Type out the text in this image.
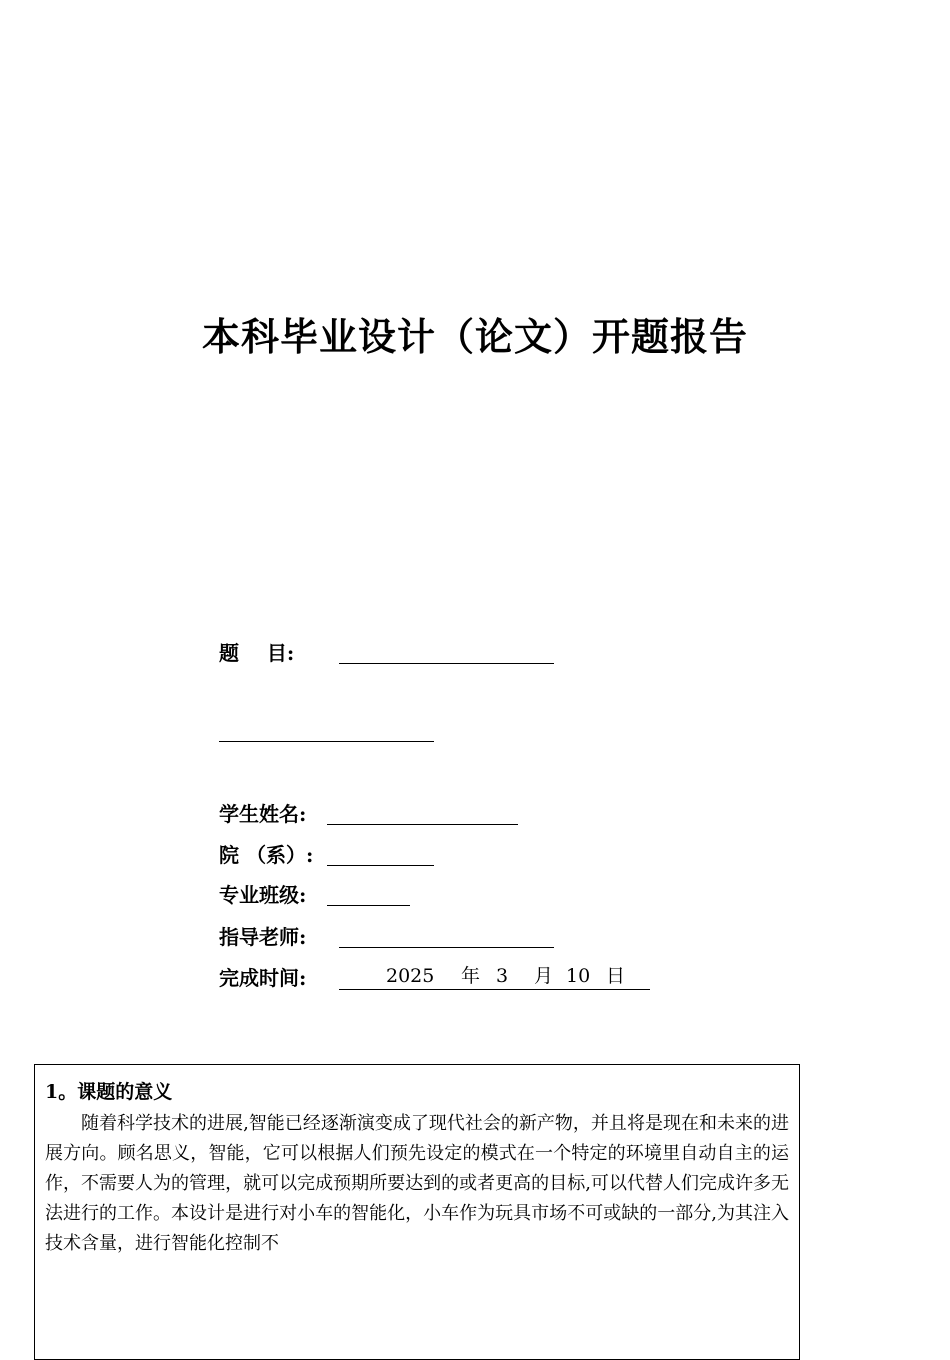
本科毕业设计（论文）开题报告
题    目:
学生姓名:
院 （系）:
专业班级:
指导老师:
完成时间:	2025 年 3 月 10 日
1。课题的意义

随着科学技术的进展,智能已经逐渐演变成了现代社会的新产物，并且将是现在和未来的进展方向。顾名思义，智能，它可以根据人们预先设定的模式在一个特定的环境里自动自主的运作，不需要人为的管理，就可以完成预期所要达到的或者更高的目标,可以代替人们完成许多无法进行的工作。本设计是进行对小车的智能化，小车作为玩具市场不可或缺的一部分,为其注入技术含量，进行智能化控制不
